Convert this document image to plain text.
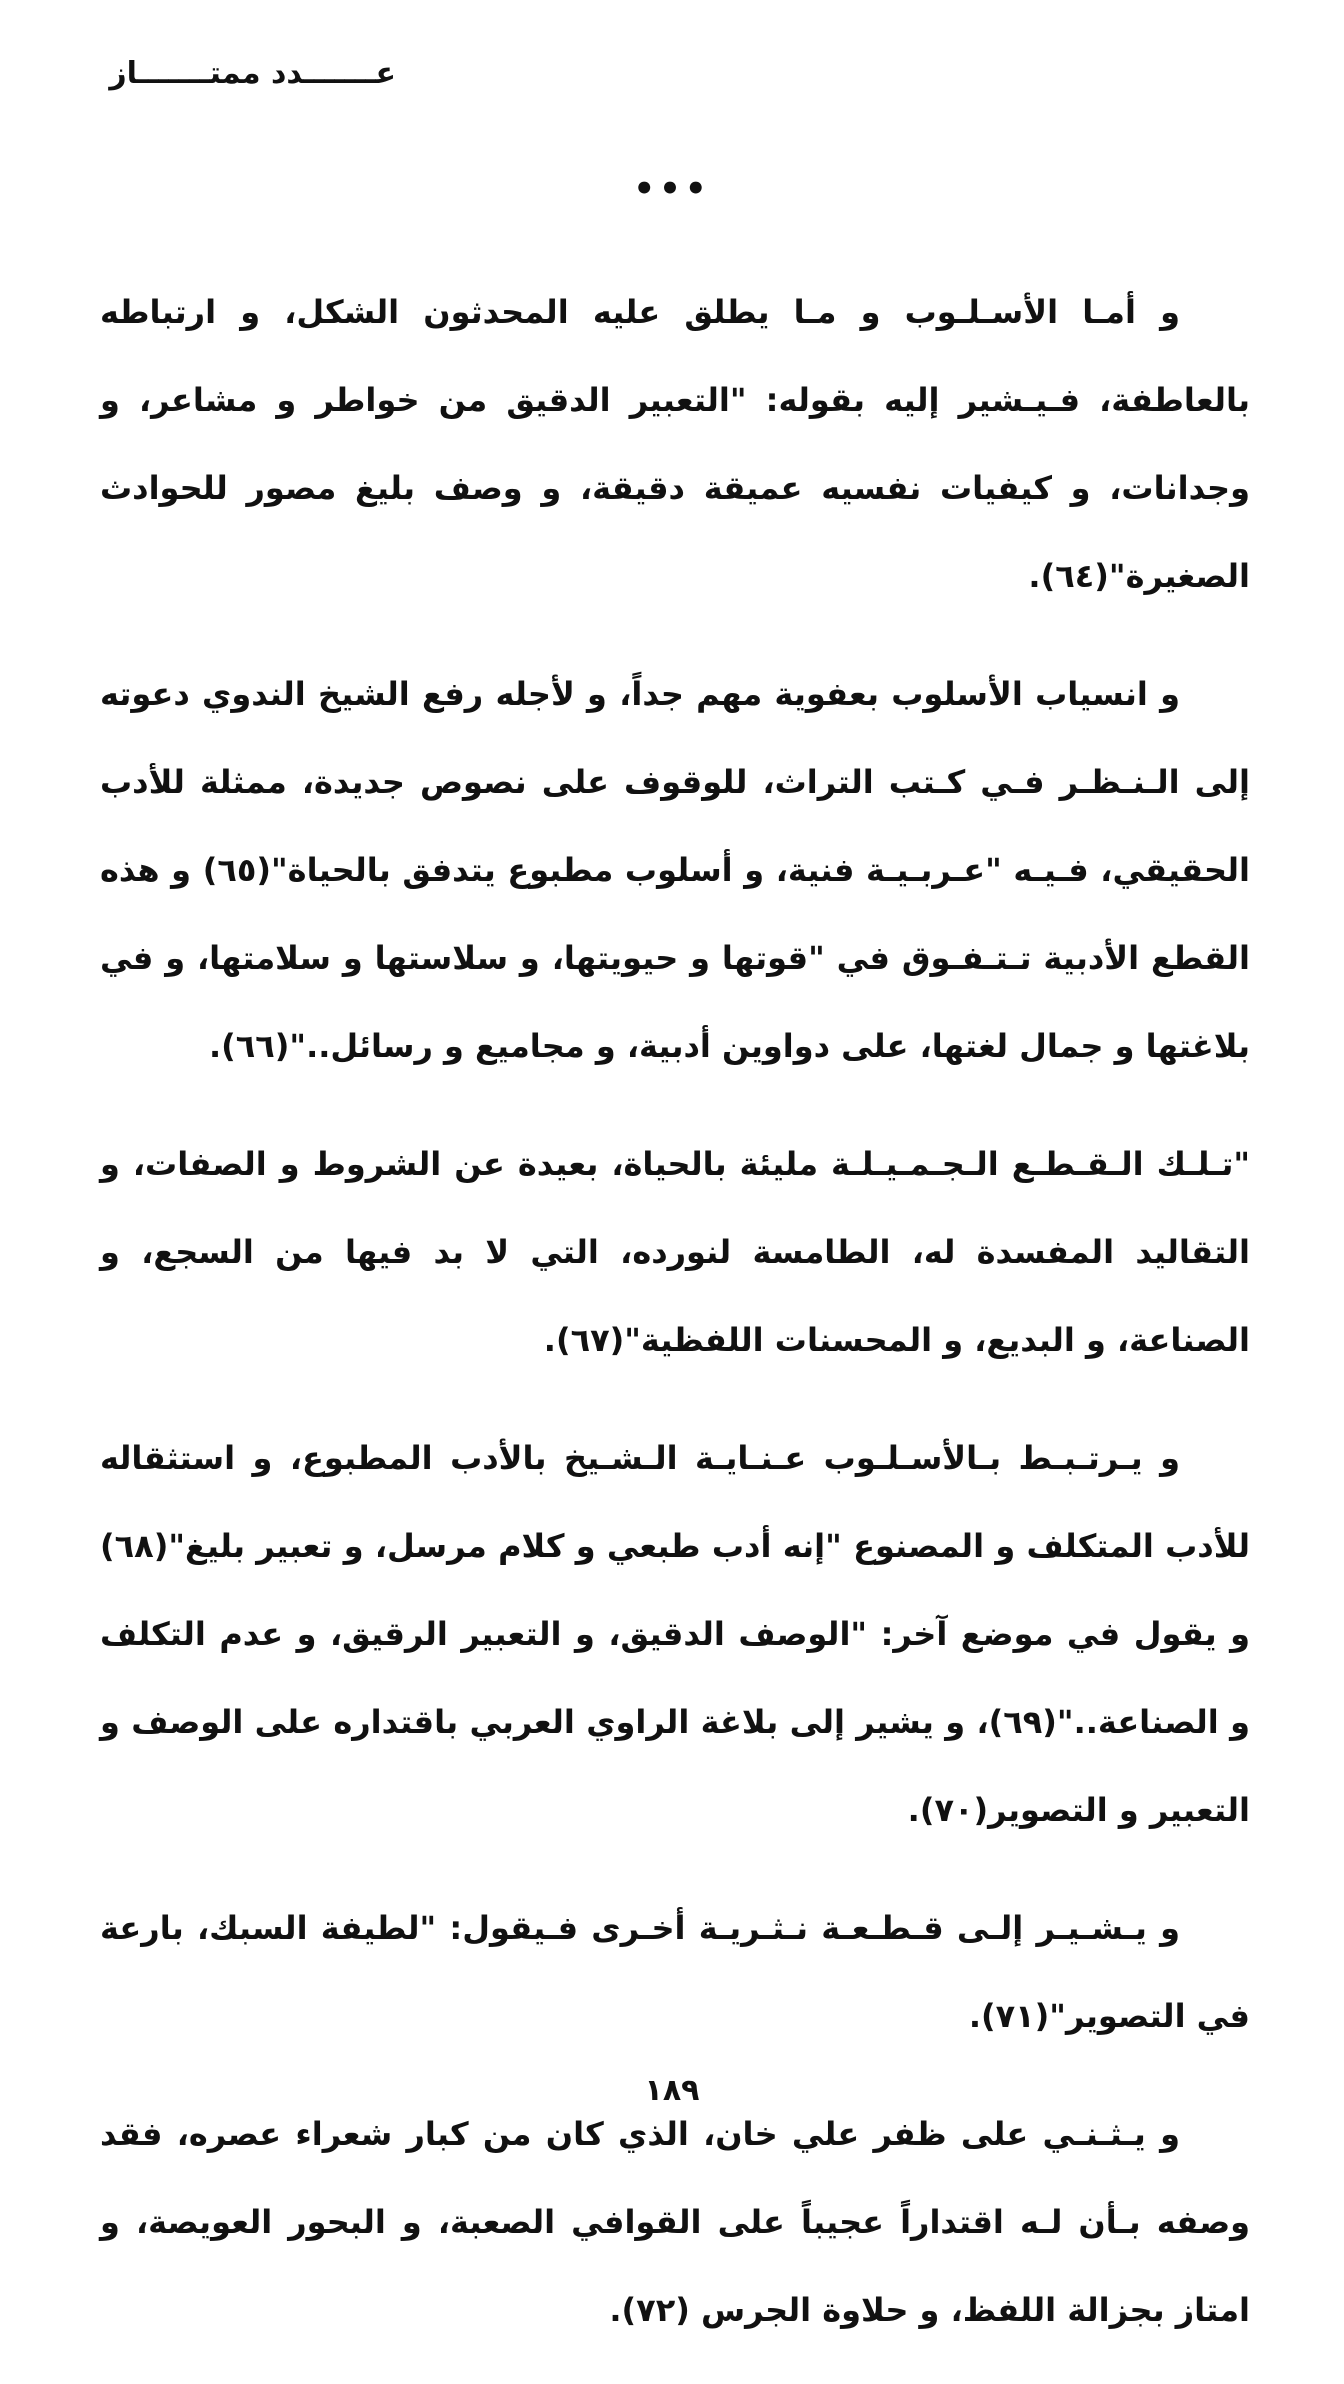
عـــــــدد ممتـــــــاز
•••

و أمـا الأسـلـوب و مـا يطلق عليه المحدثون الشكل، و ارتباطه بالعاطفة، فـيـشير إليه بقوله: "التعبير الدقيق من خواطر و مشاعر، و وجدانات، و كيفيات نفسيه عميقة دقيقة، و وصف بليغ مصور للحوادث الصغيرة"(٦٤).

و انسياب الأسلوب بعفوية مهم جداً، و لأجله رفع الشيخ الندوي دعوته إلى الـنـظـر فـي كـتب التراث، للوقوف على نصوص جديدة، ممثلة للأدب الحقيقي، فـيـه "عـربـيـة فنية، و أسلوب مطبوع يتدفق بالحياة"(٦٥) و هذه القطع الأدبية تـتـفـوق في "قوتها و حيويتها، و سلاستها و سلامتها، و في بلاغتها و جمال لغتها، على دواوين أدبية، و مجاميع و رسائل.."(٦٦).

"تـلـك الـقـطـع الـجـمـيـلـة مليئة بالحياة، بعيدة عن الشروط و الصفات، و التقاليد المفسدة له، الطامسة لنورده، التي لا بد فيها من السجع، و الصناعة، و البديع، و المحسنات اللفظية"(٦٧).

و يـرتـبـط بـالأسـلـوب عـنـايـة الـشـيخ بالأدب المطبوع، و استثقاله للأدب المتكلف و المصنوع "إنه أدب طبعي و كلام مرسل، و تعبير بليغ"(٦٨) و يقول في موضع آخر: "الوصف الدقيق، و التعبير الرقيق، و عدم التكلف و الصناعة.."(٦٩)، و يشير إلى بلاغة الراوي العربي باقتداره على الوصف و التعبير و التصوير(٧٠).

و يـشـيـر إلـى قـطـعـة نـثـريـة أخـرى فـيقول: "لطيفة السبك، بارعة في التصوير"(٧١).

و يـثـنـي على ظفر علي خان، الذي كان من كبار شعراء عصره، فقد وصفه بـأن لـه اقتداراً عجيباً على القوافي الصعبة، و البحور العويصة، و امتاز بجزالة اللفظ، و حلاوة الجرس (٧٢).

١٨٩
